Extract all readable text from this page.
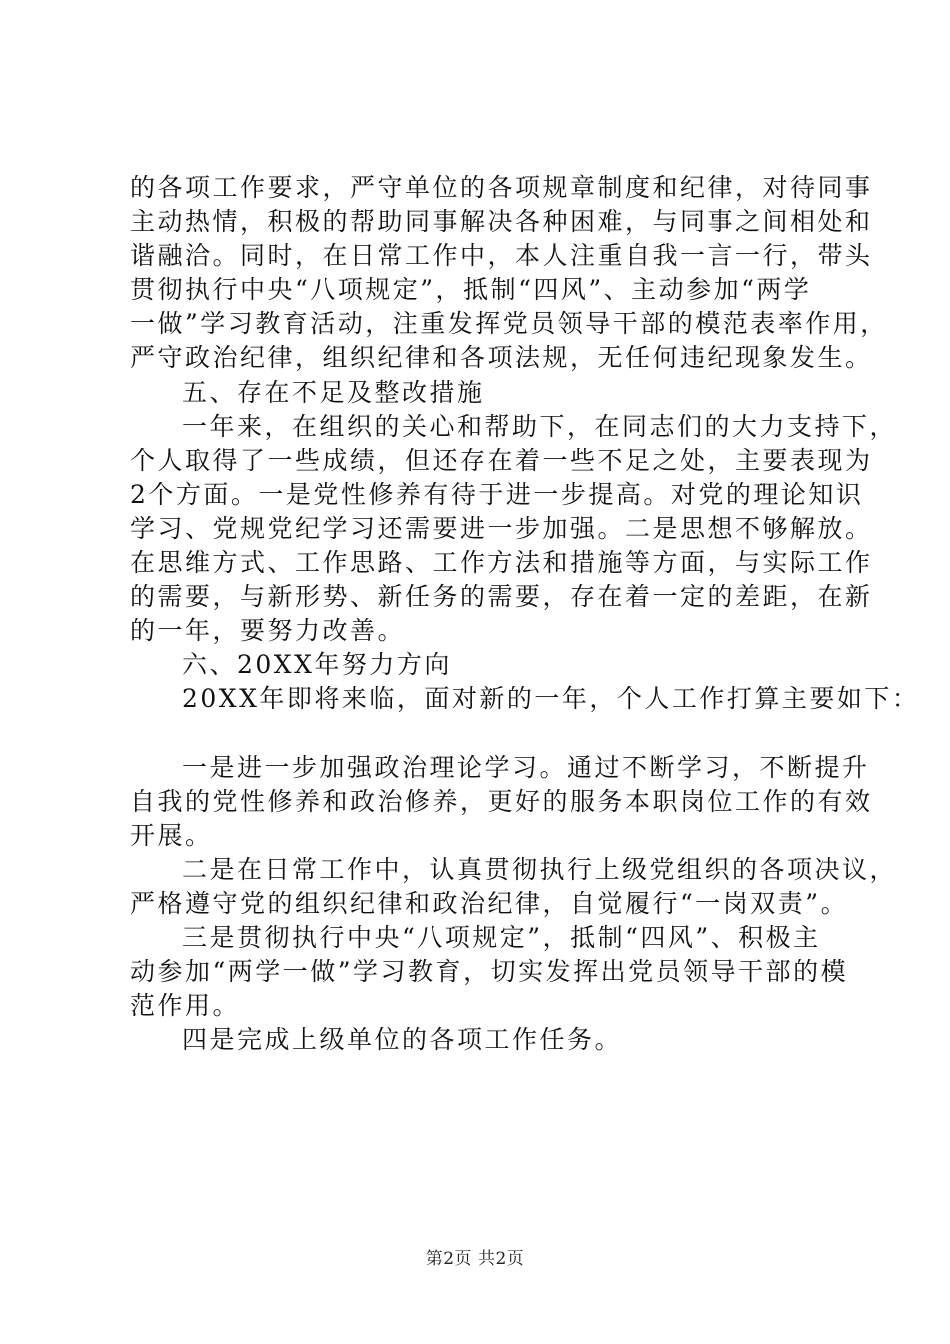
的各项工作要求，严守单位的各项规章制度和纪律，对待同事
主动热情，积极的帮助同事解决各种困难，与同事之间相处和
谐融洽。同时，在日常工作中，本人注重自我一言一行，带头
贯彻执行中央“八项规定”，抵制“四风”、主动参加“两学
一做”学习教育活动，注重发挥党员领导干部的模范表率作用，
严守政治纪律，组织纪律和各项法规，无任何违纪现象发生。
五、存在不足及整改措施
一年来，在组织的关心和帮助下，在同志们的大力支持下，
个人取得了一些成绩，但还存在着一些不足之处，主要表现为
2个方面。一是党性修养有待于进一步提高。对党的理论知识
学习、党规党纪学习还需要进一步加强。二是思想不够解放。
在思维方式、工作思路、工作方法和措施等方面，与实际工作
的需要，与新形势、新任务的需要，存在着一定的差距，在新
的一年，要努力改善。
六、20XX年努力方向
20XX年即将来临，面对新的一年，个人工作打算主要如下：
一是进一步加强政治理论学习。通过不断学习，不断提升
自我的党性修养和政治修养，更好的服务本职岗位工作的有效
开展。
二是在日常工作中，认真贯彻执行上级党组织的各项决议，
严格遵守党的组织纪律和政治纪律，自觉履行“一岗双责”。
三是贯彻执行中央“八项规定”，抵制“四风”、积极主
动参加“两学一做”学习教育，切实发挥出党员领导干部的模
范作用。
四是完成上级单位的各项工作任务。
第2页 共2页
